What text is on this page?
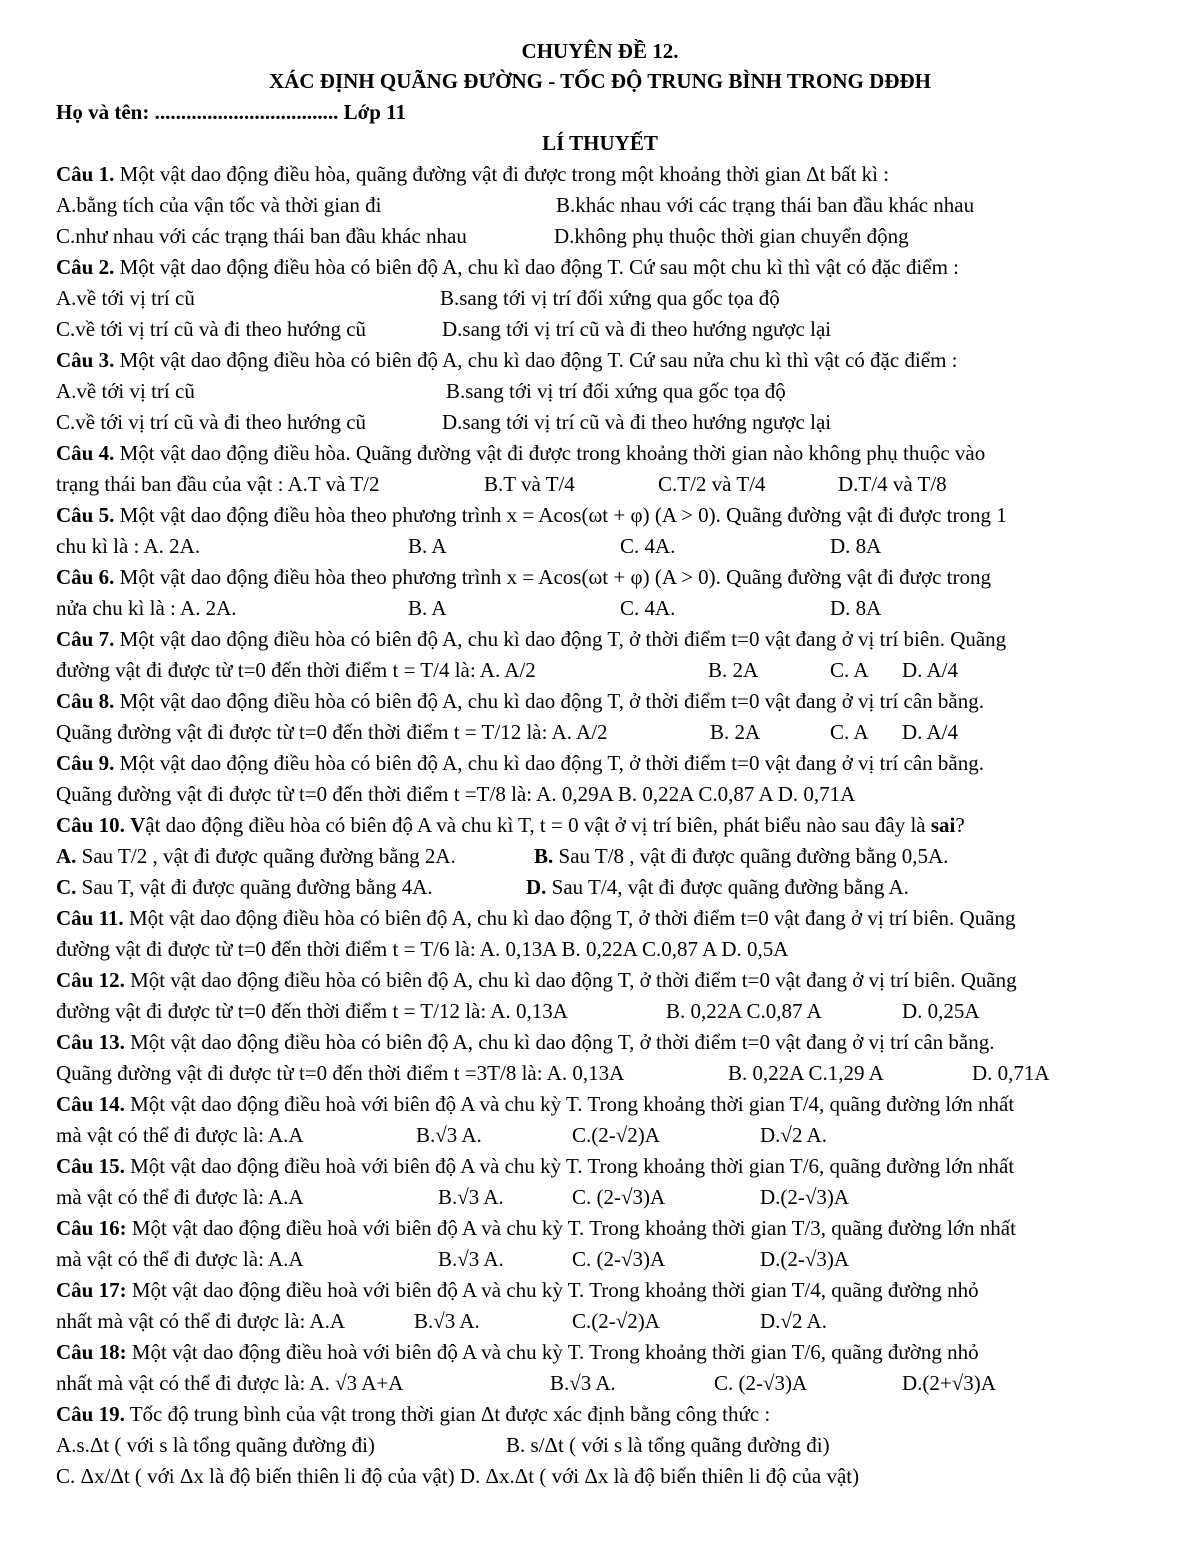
CHUYÊN ĐỀ 12.
XÁC ĐỊNH QUÃNG ĐƯỜNG - TỐC ĐỘ TRUNG BÌNH TRONG DĐĐH
Họ và tên: ................................... Lớp 11
LÍ THUYẾT
Câu 1. Một vật dao động điều hòa, quãng đường vật đi được trong một khoảng thời gian Δt bất kì :
A.bằng tích của vận tốc và thời gian đi	B.khác nhau với các trạng thái ban đầu khác nhau
C.như nhau với các trạng thái ban đầu khác nhau	D.không phụ thuộc thời gian chuyển động
Câu 2. Một vật dao động điều hòa có biên độ A, chu kì dao động T. Cứ sau một chu kì thì vật có đặc điểm :
A.về tới vị trí cũ	B.sang tới vị trí đối xứng qua gốc tọa độ
C.về tới vị trí cũ và đi theo hướng cũ	D.sang tới vị trí cũ và đi theo hướng ngược lại
Câu 3. Một vật dao động điều hòa có biên độ A, chu kì dao động T. Cứ sau nửa chu kì thì vật có đặc điểm :
A.về tới vị trí cũ	B.sang tới vị trí đối xứng qua gốc tọa độ
C.về tới vị trí cũ và đi theo hướng cũ	D.sang tới vị trí cũ và đi theo hướng ngược lại
Câu 4. Một vật dao động điều hòa. Quãng đường vật đi được trong khoảng thời gian nào không phụ thuộc vào
trạng thái ban đầu của vật : A.T và T/2	B.T và T/4	C.T/2 và T/4	D.T/4 và T/8
Câu 5. Một vật dao động điều hòa theo phương trình x = Acos(ωt + φ) (A > 0). Quãng đường vật đi được trong 1
chu kì là : A. 2A.	B. A	C. 4A.	D. 8A
Câu 6. Một vật dao động điều hòa theo phương trình x = Acos(ωt + φ) (A > 0). Quãng đường vật đi được trong
nửa chu kì là : A. 2A.	B. A	C. 4A.	D. 8A
Câu 7. Một vật dao động điều hòa có biên độ A, chu kì dao động T, ở thời điểm t=0 vật đang ở vị trí biên. Quãng
đường vật đi được từ t=0 đến thời điểm t = T/4 là: A. A/2	B. 2A	C. A D. A/4
Câu 8. Một vật dao động điều hòa có biên độ A, chu kì dao động T, ở thời điểm t=0 vật đang ở vị trí cân bằng.
Quãng đường vật đi được từ t=0 đến thời điểm t = T/12 là: A. A/2	B. 2A	C. A D. A/4
Câu 9. Một vật dao động điều hòa có biên độ A, chu kì dao động T, ở thời điểm t=0 vật đang ở vị trí cân bằng.
Quãng đường vật đi được từ t=0 đến thời điểm t =T/8 là: A. 0,29A B. 0,22A C.0,87 A D. 0,71A
Câu 10. Vật dao động điều hòa có biên độ A và chu kì T, t = 0 vật ở vị trí biên, phát biểu nào sau đây là sai?
A. Sau T/2 , vật đi được quãng đường bằng 2A.	B. Sau T/8 , vật đi được quãng đường bằng 0,5A.
C. Sau T, vật đi được quãng đường bằng 4A.	D. Sau T/4, vật đi được quãng đường bằng A.
Câu 11. Một vật dao động điều hòa có biên độ A, chu kì dao động T, ở thời điểm t=0 vật đang ở vị trí biên. Quãng
đường vật đi được từ t=0 đến thời điểm t = T/6 là: A. 0,13A B. 0,22A C.0,87 A D. 0,5A
Câu 12. Một vật dao động điều hòa có biên độ A, chu kì dao động T, ở thời điểm t=0 vật đang ở vị trí biên. Quãng
đường vật đi được từ t=0 đến thời điểm t = T/12 là: A. 0,13A	B. 0,22A C.0,87 A	D. 0,25A
Câu 13. Một vật dao động điều hòa có biên độ A, chu kì dao động T, ở thời điểm t=0 vật đang ở vị trí cân bằng.
Quãng đường vật đi được từ t=0 đến thời điểm t =3T/8 là: A. 0,13A	B. 0,22A C.1,29 A	D. 0,71A
Câu 14. Một vật dao động điều hoà với biên độ A và chu kỳ T. Trong khoảng thời gian T/4, quãng đường lớn nhất
mà vật có thể đi được là: A.A	B.√3 A.	C.(2-√2)A	D.√2 A.
Câu 15. Một vật dao động điều hoà với biên độ A và chu kỳ T. Trong khoảng thời gian T/6, quãng đường lớn nhất
mà vật có thể đi được là: A.A	B.√3 A.	C. (2-√3)A	D.(2-√3)A
Câu 16: Một vật dao động điều hoà với biên độ A và chu kỳ T. Trong khoảng thời gian T/3, quãng đường lớn nhất
mà vật có thể đi được là: A.A	B.√3 A.	C. (2-√3)A	D.(2-√3)A
Câu 17: Một vật dao động điều hoà với biên độ A và chu kỳ T. Trong khoảng thời gian T/4, quãng đường nhỏ
nhất mà vật có thể đi được là: A.A	B.√3 A.	C.(2-√2)A	D.√2 A.
Câu 18: Một vật dao động điều hoà với biên độ A và chu kỳ T. Trong khoảng thời gian T/6, quãng đường nhỏ
nhất mà vật có thể đi được là: A. √3 A+A	B.√3 A.	C. (2-√3)A	D.(2+√3)A
Câu 19. Tốc độ trung bình của vật trong thời gian Δt được xác định bằng công thức :
A.s.Δt ( với s là tổng quãng đường đi)	B. s/Δt ( với s là tổng quãng đường đi)
C. Δx/Δt ( với Δx là độ biến thiên li độ của vật) D. Δx.Δt ( với Δx là độ biến thiên li độ của vật)
